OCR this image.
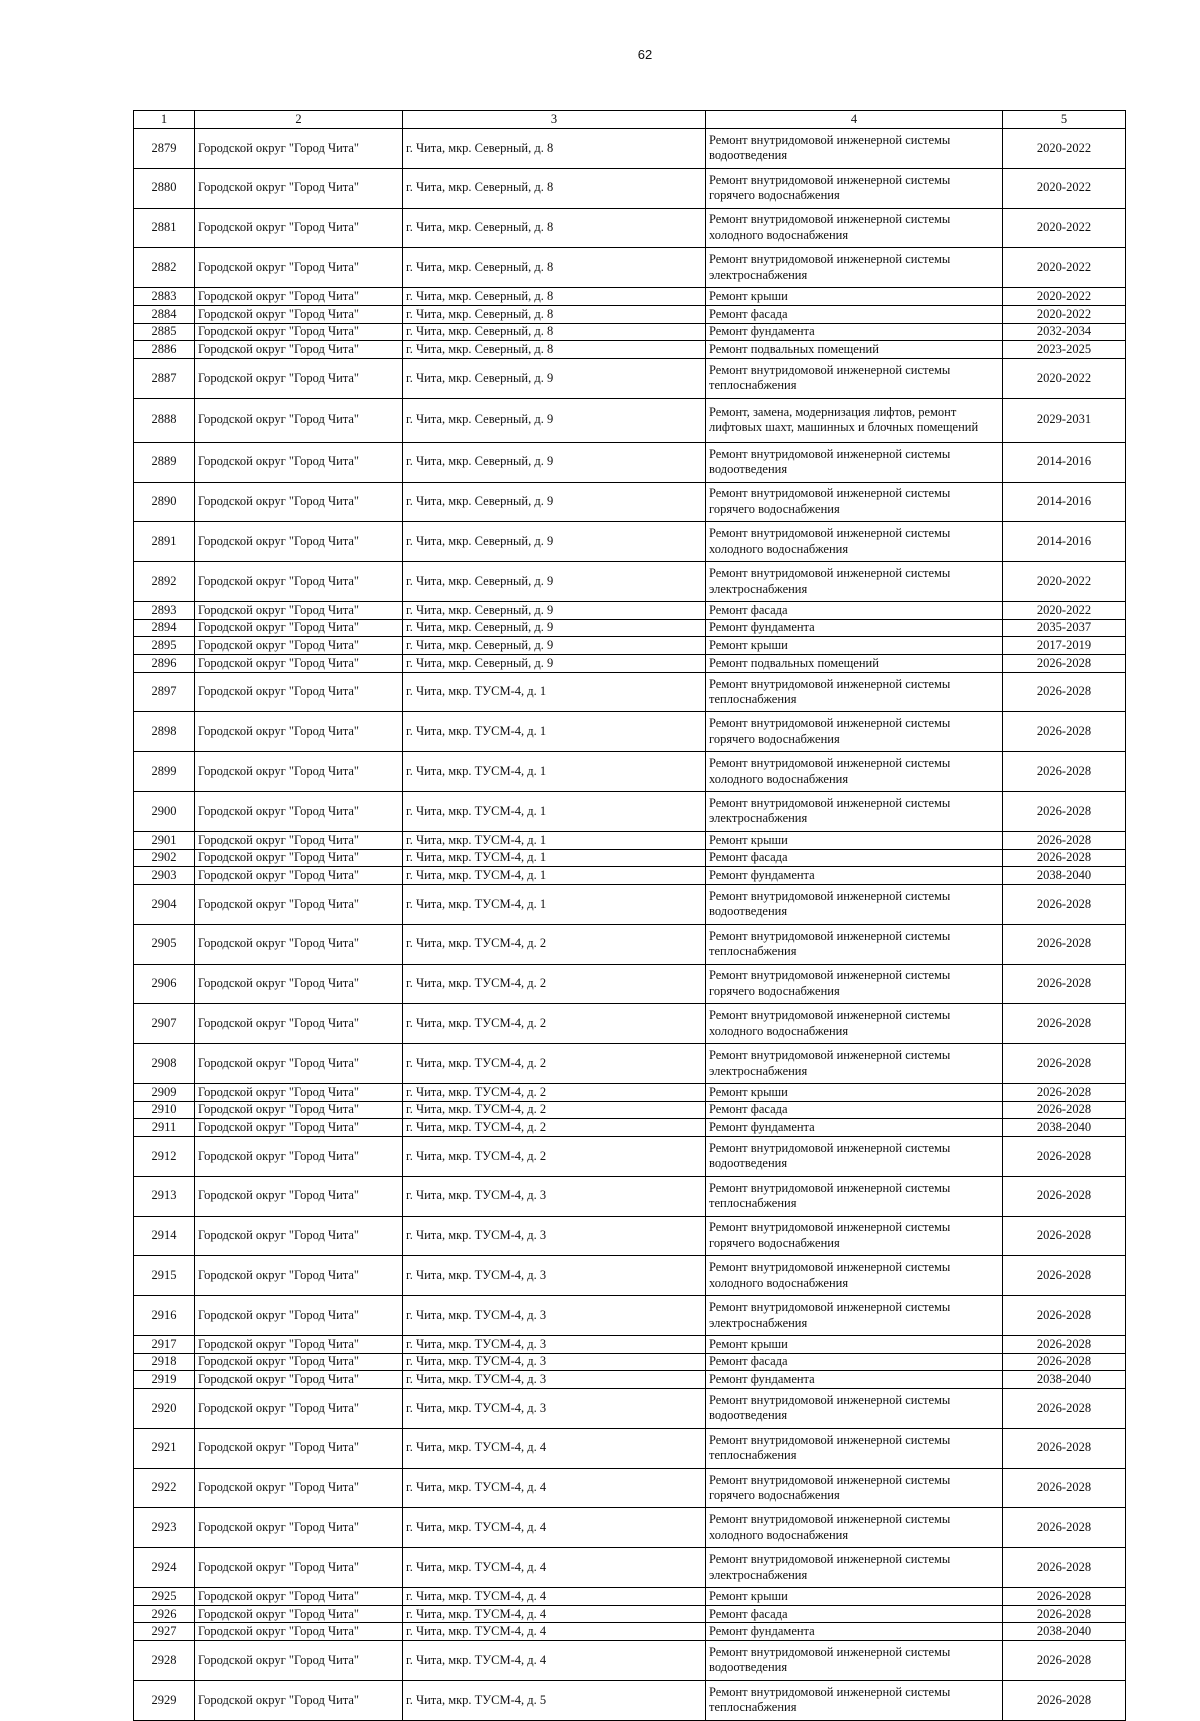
62
1	2	3	4	5
2879	Городской округ "Город Чита"	г. Чита, мкр. Северный, д. 8	Ремонт внутридомовой инженерной системы водоотведения	2020-2022
2880	Городской округ "Город Чита"	г. Чита, мкр. Северный, д. 8	Ремонт внутридомовой инженерной системы горячего водоснабжения	2020-2022
2881	Городской округ "Город Чита"	г. Чита, мкр. Северный, д. 8	Ремонт внутридомовой инженерной системы холодного водоснабжения	2020-2022
2882	Городской округ "Город Чита"	г. Чита, мкр. Северный, д. 8	Ремонт внутридомовой инженерной системы электроснабжения	2020-2022
2883	Городской округ "Город Чита"	г. Чита, мкр. Северный, д. 8	Ремонт крыши	2020-2022
2884	Городской округ "Город Чита"	г. Чита, мкр. Северный, д. 8	Ремонт фасада	2020-2022
2885	Городской округ "Город Чита"	г. Чита, мкр. Северный, д. 8	Ремонт фундамента	2032-2034
2886	Городской округ "Город Чита"	г. Чита, мкр. Северный, д. 8	Ремонт подвальных помещений	2023-2025
2887	Городской округ "Город Чита"	г. Чита, мкр. Северный, д. 9	Ремонт внутридомовой инженерной системы теплоснабжения	2020-2022
2888	Городской округ "Город Чита"	г. Чита, мкр. Северный, д. 9	Ремонт, замена, модернизация лифтов, ремонт лифтовых шахт, машинных и блочных помещений	2029-2031
2889	Городской округ "Город Чита"	г. Чита, мкр. Северный, д. 9	Ремонт внутридомовой инженерной системы водоотведения	2014-2016
2890	Городской округ "Город Чита"	г. Чита, мкр. Северный, д. 9	Ремонт внутридомовой инженерной системы горячего водоснабжения	2014-2016
2891	Городской округ "Город Чита"	г. Чита, мкр. Северный, д. 9	Ремонт внутридомовой инженерной системы холодного водоснабжения	2014-2016
2892	Городской округ "Город Чита"	г. Чита, мкр. Северный, д. 9	Ремонт внутридомовой инженерной системы электроснабжения	2020-2022
2893	Городской округ "Город Чита"	г. Чита, мкр. Северный, д. 9	Ремонт фасада	2020-2022
2894	Городской округ "Город Чита"	г. Чита, мкр. Северный, д. 9	Ремонт фундамента	2035-2037
2895	Городской округ "Город Чита"	г. Чита, мкр. Северный, д. 9	Ремонт крыши	2017-2019
2896	Городской округ "Город Чита"	г. Чита, мкр. Северный, д. 9	Ремонт подвальных помещений	2026-2028
2897	Городской округ "Город Чита"	г. Чита, мкр. ТУСМ-4, д. 1	Ремонт внутридомовой инженерной системы теплоснабжения	2026-2028
2898	Городской округ "Город Чита"	г. Чита, мкр. ТУСМ-4, д. 1	Ремонт внутридомовой инженерной системы горячего водоснабжения	2026-2028
2899	Городской округ "Город Чита"	г. Чита, мкр. ТУСМ-4, д. 1	Ремонт внутридомовой инженерной системы холодного водоснабжения	2026-2028
2900	Городской округ "Город Чита"	г. Чита, мкр. ТУСМ-4, д. 1	Ремонт внутридомовой инженерной системы электроснабжения	2026-2028
2901	Городской округ "Город Чита"	г. Чита, мкр. ТУСМ-4, д. 1	Ремонт крыши	2026-2028
2902	Городской округ "Город Чита"	г. Чита, мкр. ТУСМ-4, д. 1	Ремонт фасада	2026-2028
2903	Городской округ "Город Чита"	г. Чита, мкр. ТУСМ-4, д. 1	Ремонт фундамента	2038-2040
2904	Городской округ "Город Чита"	г. Чита, мкр. ТУСМ-4, д. 1	Ремонт внутридомовой инженерной системы водоотведения	2026-2028
2905	Городской округ "Город Чита"	г. Чита, мкр. ТУСМ-4, д. 2	Ремонт внутридомовой инженерной системы теплоснабжения	2026-2028
2906	Городской округ "Город Чита"	г. Чита, мкр. ТУСМ-4, д. 2	Ремонт внутридомовой инженерной системы горячего водоснабжения	2026-2028
2907	Городской округ "Город Чита"	г. Чита, мкр. ТУСМ-4, д. 2	Ремонт внутридомовой инженерной системы холодного водоснабжения	2026-2028
2908	Городской округ "Город Чита"	г. Чита, мкр. ТУСМ-4, д. 2	Ремонт внутридомовой инженерной системы электроснабжения	2026-2028
2909	Городской округ "Город Чита"	г. Чита, мкр. ТУСМ-4, д. 2	Ремонт крыши	2026-2028
2910	Городской округ "Город Чита"	г. Чита, мкр. ТУСМ-4, д. 2	Ремонт фасада	2026-2028
2911	Городской округ "Город Чита"	г. Чита, мкр. ТУСМ-4, д. 2	Ремонт фундамента	2038-2040
2912	Городской округ "Город Чита"	г. Чита, мкр. ТУСМ-4, д. 2	Ремонт внутридомовой инженерной системы водоотведения	2026-2028
2913	Городской округ "Город Чита"	г. Чита, мкр. ТУСМ-4, д. 3	Ремонт внутридомовой инженерной системы теплоснабжения	2026-2028
2914	Городской округ "Город Чита"	г. Чита, мкр. ТУСМ-4, д. 3	Ремонт внутридомовой инженерной системы горячего водоснабжения	2026-2028
2915	Городской округ "Город Чита"	г. Чита, мкр. ТУСМ-4, д. 3	Ремонт внутридомовой инженерной системы холодного водоснабжения	2026-2028
2916	Городской округ "Город Чита"	г. Чита, мкр. ТУСМ-4, д. 3	Ремонт внутридомовой инженерной системы электроснабжения	2026-2028
2917	Городской округ "Город Чита"	г. Чита, мкр. ТУСМ-4, д. 3	Ремонт крыши	2026-2028
2918	Городской округ "Город Чита"	г. Чита, мкр. ТУСМ-4, д. 3	Ремонт фасада	2026-2028
2919	Городской округ "Город Чита"	г. Чита, мкр. ТУСМ-4, д. 3	Ремонт фундамента	2038-2040
2920	Городской округ "Город Чита"	г. Чита, мкр. ТУСМ-4, д. 3	Ремонт внутридомовой инженерной системы водоотведения	2026-2028
2921	Городской округ "Город Чита"	г. Чита, мкр. ТУСМ-4, д. 4	Ремонт внутридомовой инженерной системы теплоснабжения	2026-2028
2922	Городской округ "Город Чита"	г. Чита, мкр. ТУСМ-4, д. 4	Ремонт внутридомовой инженерной системы горячего водоснабжения	2026-2028
2923	Городской округ "Город Чита"	г. Чита, мкр. ТУСМ-4, д. 4	Ремонт внутридомовой инженерной системы холодного водоснабжения	2026-2028
2924	Городской округ "Город Чита"	г. Чита, мкр. ТУСМ-4, д. 4	Ремонт внутридомовой инженерной системы электроснабжения	2026-2028
2925	Городской округ "Город Чита"	г. Чита, мкр. ТУСМ-4, д. 4	Ремонт крыши	2026-2028
2926	Городской округ "Город Чита"	г. Чита, мкр. ТУСМ-4, д. 4	Ремонт фасада	2026-2028
2927	Городской округ "Город Чита"	г. Чита, мкр. ТУСМ-4, д. 4	Ремонт фундамента	2038-2040
2928	Городской округ "Город Чита"	г. Чита, мкр. ТУСМ-4, д. 4	Ремонт внутридомовой инженерной системы водоотведения	2026-2028
2929	Городской округ "Город Чита"	г. Чита, мкр. ТУСМ-4, д. 5	Ремонт внутридомовой инженерной системы теплоснабжения	2026-2028
